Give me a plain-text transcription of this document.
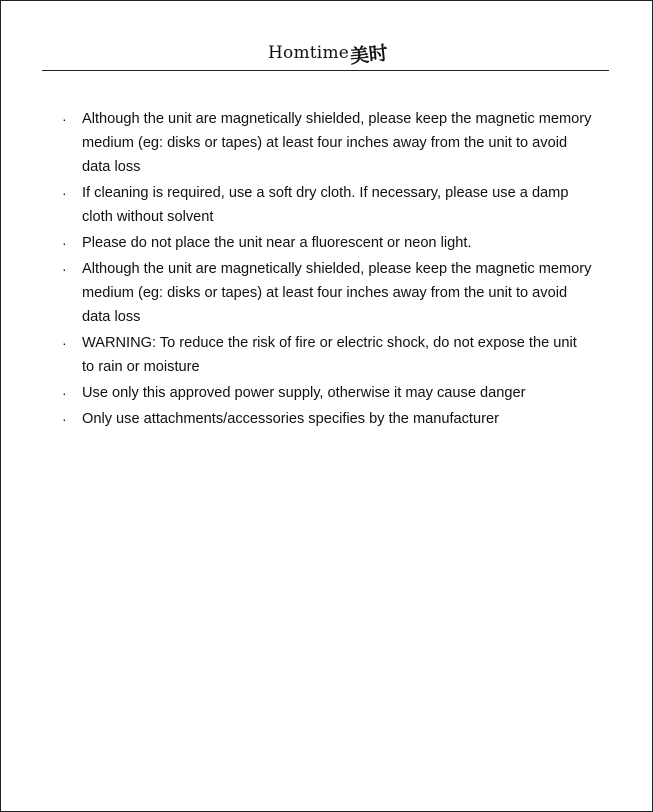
Homtime 美时
· Although the unit are magnetically shielded, please keep the magnetic memory medium (eg: disks or tapes) at least four inches away from the unit to avoid data loss
· If cleaning is required, use a soft dry cloth. If necessary, please use a damp cloth without solvent
· Please do not place the unit near a fluorescent or neon light.
· Although the unit are magnetically shielded, please keep the magnetic memory medium (eg: disks or tapes) at least four inches away from the unit to avoid data loss
· WARNING: To reduce the risk of fire or electric shock, do not expose the unit to rain or moisture
· Use only this approved power supply, otherwise it may cause danger
· Only use attachments/accessories specifies by the manufacturer
